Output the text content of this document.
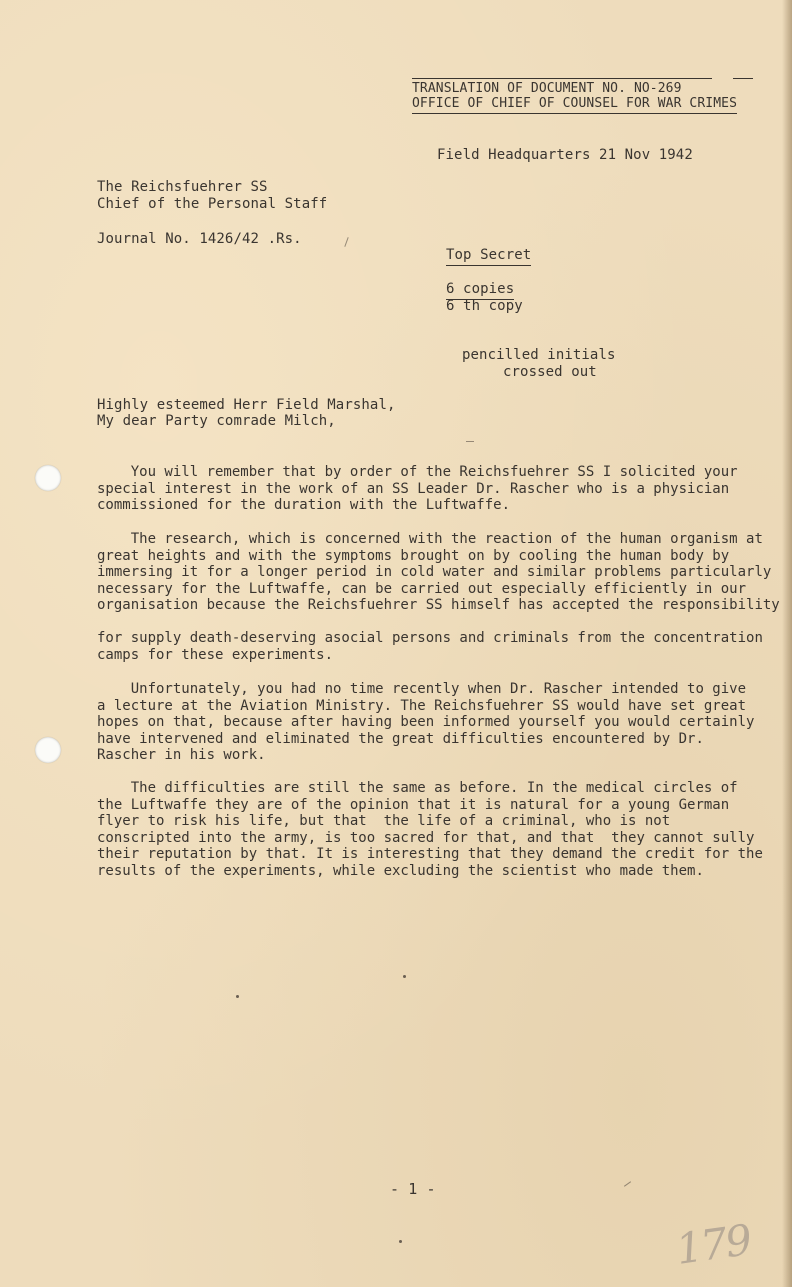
TRANSLATION OF DOCUMENT NO. NO-269
OFFICE OF CHIEF OF COUNSEL FOR WAR CRIMES
Field Headquarters 21 Nov 1942
The Reichsfuehrer SS
Chief of the Personal Staff
Journal No. 1426/42 .Rs.
Top Secret
6 copies
6 th copy
pencilled initials
crossed out
Highly esteemed Herr Field Marshal,
My dear Party comrade Milch,
You will remember that by order of the Reichsfuehrer SS I solicited your
special interest in the work of an SS Leader Dr. Rascher who is a physician
commissioned for the duration with the Luftwaffe.
The research, which is concerned with the reaction of the human organism at
great heights and with the symptoms brought on by cooling the human body by
immersing it for a longer period in cold water and similar problems particularly
necessary for the Luftwaffe, can be carried out especially efficiently in our
organisation because the Reichsfuehrer SS himself has accepted the responsibility
for supply death-deserving asocial persons and criminals from the concentration
camps for these experiments.
Unfortunately, you had no time recently when Dr. Rascher intended to give
a lecture at the Aviation Ministry. The Reichsfuehrer SS would have set great
hopes on that, because after having been informed yourself you would certainly
have intervened and eliminated the great difficulties encountered by Dr.
Rascher in his work.
The difficulties are still the same as before. In the medical circles of
the Luftwaffe they are of the opinion that it is natural for a young German
flyer to risk his life, but that  the life of a criminal, who is not
conscripted into the army, is too sacred for that, and that  they cannot sully
their reputation by that. It is interesting that they demand the credit for the
results of the experiments, while excluding the scientist who made them.
- 1 -
179
